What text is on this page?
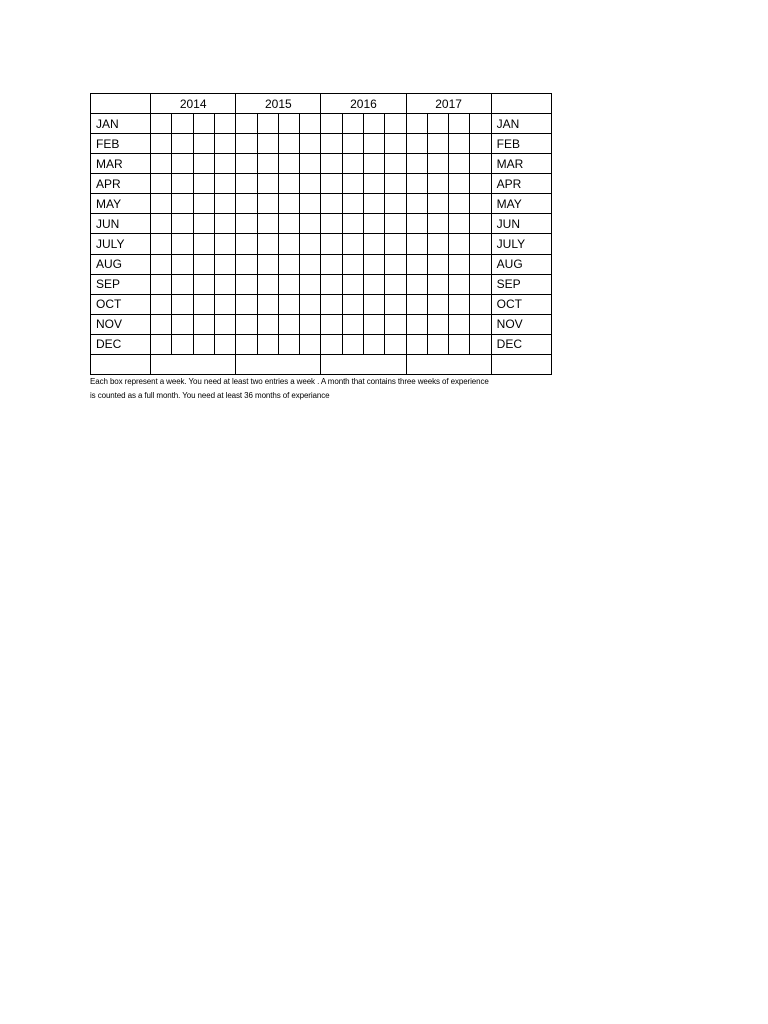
	2014				2015				2016				2017				
JAN																	JAN
FEB																	FEB
MAR																	MAR
APR																	APR
MAY																	MAY
JUN																	JUN
JULY																	JULY
AUG																	AUG
SEP																	SEP
OCT																	OCT
NOV																	NOV
DEC																	DEC

Each box represent a week. You need at least two entries a week . A month that contains three weeks of experience
is counted as a full month. You need at least 36 months of experiance
